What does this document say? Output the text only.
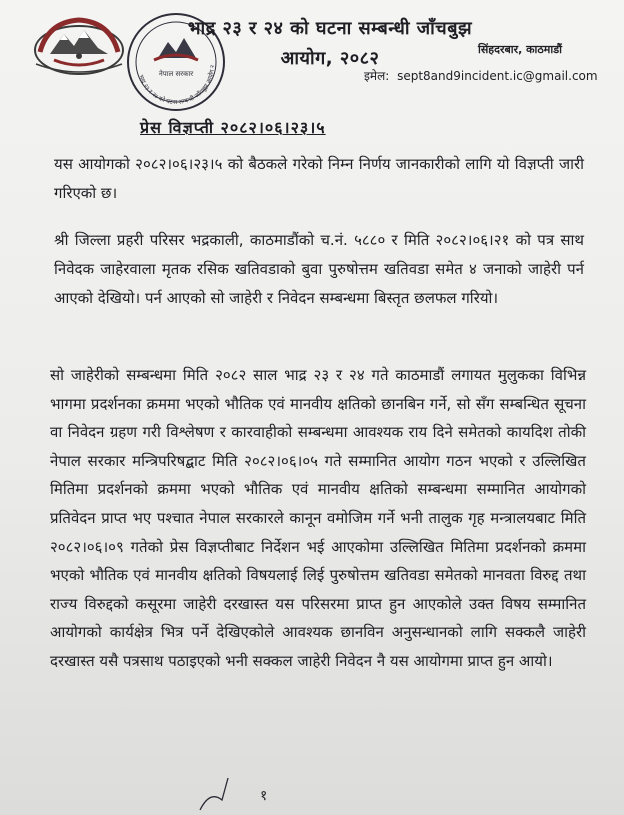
भाद्र २३ र २४ को घटना सम्बन्धी जाँचबुझ आयोग २
नेपाल सरकार
भाद्र २३ र २४ को घटना सम्बन्धी जाँचबुझ
आयोग, २०८२	सिंहदरबार, काठमाडौं
इमेल: sept8and9incident.ic@gmail.com
प्रेस विज्ञप्ती २०८२।०६।२३।५
यस आयोगको २०८२।०६।२३।५ को बैठकले गरेको निम्न निर्णय जानकारीको लागि यो विज्ञप्ती जारी गरिएको छ।
श्री जिल्ला प्रहरी परिसर भद्रकाली, काठमाडौंको च.नं. ५८८० र मिति २०८२।०६।२१ को पत्र साथ निवेदक जाहेरवाला मृतक रसिक खतिवडाको बुवा पुरुषोत्तम खतिवडा समेत ४ जनाको जाहेरी पर्न आएको देखियो। पर्न आएको सो जाहेरी र निवेदन सम्बन्धमा बिस्तृत छलफल गरियो।
सो जाहेरीको सम्बन्धमा मिति २०८२ साल भाद्र २३ र २४ गते काठमाडौं लगायत मुलुकका विभिन्न भागमा प्रदर्शनका क्रममा भएको भौतिक एवं मानवीय क्षतिको छानबिन गर्ने, सो सँग सम्बन्धित सूचना वा निवेदन ग्रहण गरी विश्लेषण र कारवाहीको सम्बन्धमा आवश्यक राय दिने समेतको कायदिश तोकी नेपाल सरकार मन्त्रिपरिषद्बाट मिति २०८२।०६।०५ गते सम्मानित आयोग गठन भएको र उल्लिखित मितिमा प्रदर्शनको क्रममा भएको भौतिक एवं मानवीय क्षतिको सम्बन्धमा सम्मानित आयोगको प्रतिवेदन प्राप्त भए पश्चात नेपाल सरकारले कानून वमोजिम गर्ने भनी तालुक गृह मन्त्रालयबाट मिति २०८२।०६।०९ गतेको प्रेस विज्ञप्तीबाट निर्देशन भई आएकोमा उल्लिखित मितिमा प्रदर्शनको क्रममा भएको भौतिक एवं मानवीय क्षतिको विषयलाई लिई पुरुषोत्तम खतिवडा समेतको मानवता विरुद्द तथा राज्य विरुद्दको कसूरमा जाहेरी दरखास्त यस परिसरमा प्राप्त हुन आएकोले उक्त विषय सम्मानित आयोगको कार्यक्षेत्र भित्र पर्ने देखिएकोले आवश्यक छानविन अनुसन्धानको लागि सक्कलै जाहेरी दरखास्त यसै पत्रसाथ पठाइएको भनी सक्कल जाहेरी निवेदन नै यस आयोगमा प्राप्त हुन आयो।
१
